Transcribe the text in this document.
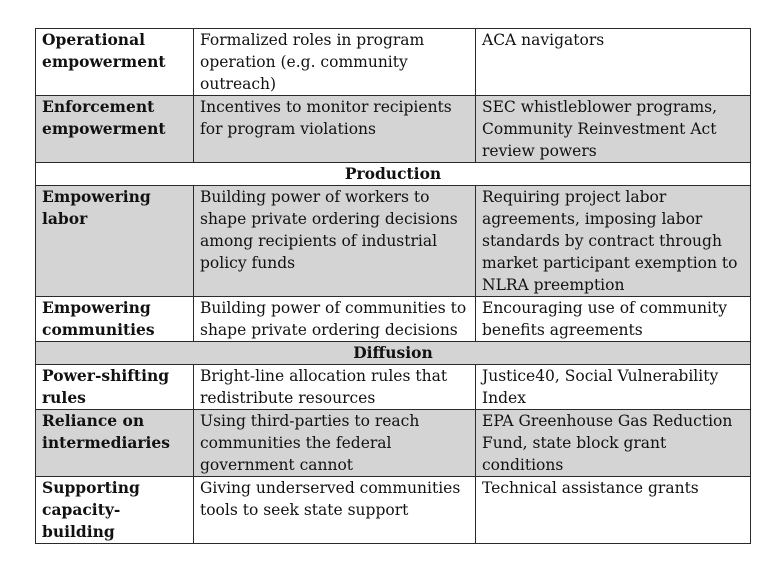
Operational
empowerment	Formalized roles in program operation (e.g. community outreach)	ACA navigators

Enforcement
empowerment	Incentives to monitor recipients for program violations	SEC whistleblower programs, Community Reinvestment Act review powers
Production		

Empowering
labor	Building power of workers to shape private ordering decisions among recipients of industrial policy funds	Requiring project labor agreements, imposing labor standards by contract through market participant exemption to NLRA preemption

Empowering
communities	Building power of communities to shape private ordering decisions	Encouraging use of community benefits agreements
Diffusion		

Power-shifting
rules	Bright-line allocation rules that redistribute resources	Justice40, Social Vulnerability Index

Reliance on
intermediaries	Using third-parties to reach communities the federal government cannot	EPA Greenhouse Gas Reduction Fund, state block grant conditions

Supporting
capacity-
building	Giving underserved communities tools to seek state support	Technical assistance grants
